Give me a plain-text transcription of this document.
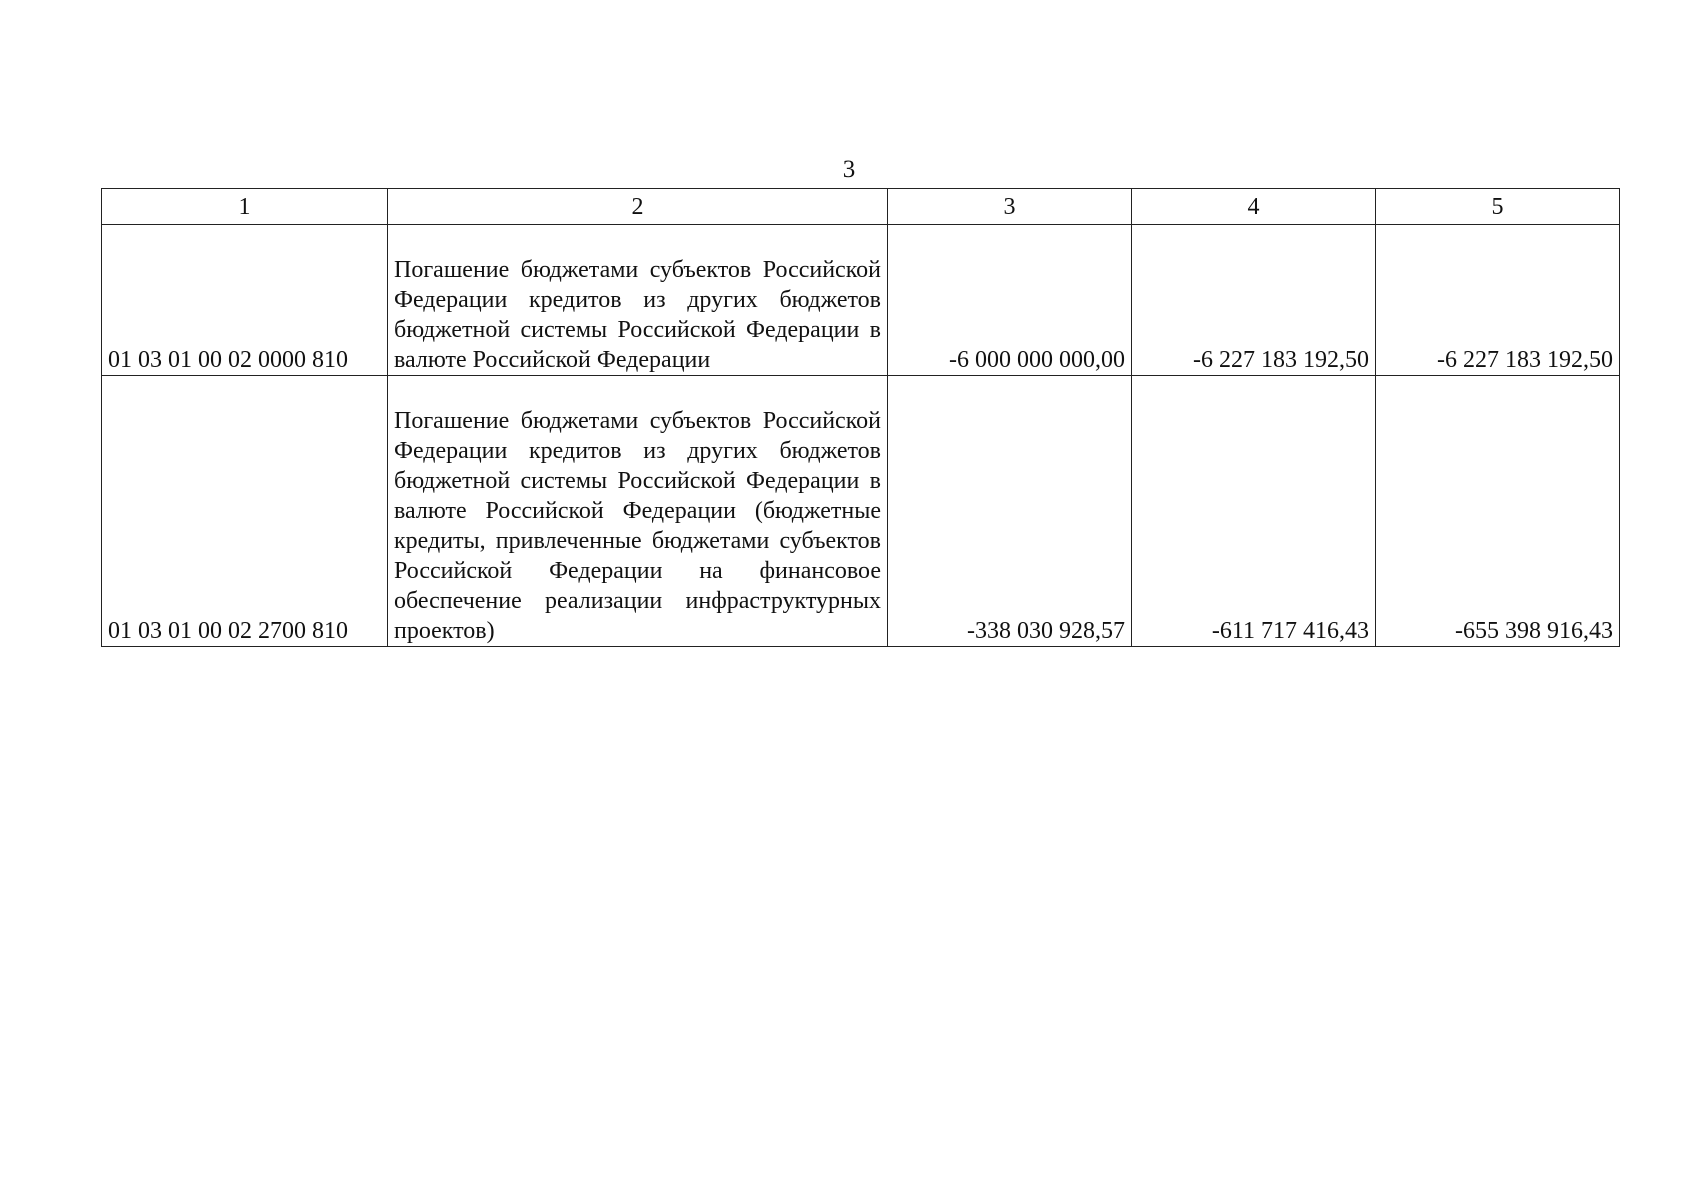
3
1	2	3	4	5
01 03 01 00 02 0000 810	Погашение бюджетами субъектов Российской Федерации кредитов из других бюджетов бюджетной системы Российской Федерации в валюте Российской Федерации	-6 000 000 000,00	-6 227 183 192,50	-6 227 183 192,50
01 03 01 00 02 2700 810	Погашение бюджетами субъектов Российской Федерации кредитов из других бюджетов бюджетной системы Российской Федерации в валюте Российской Федерации (бюджетные кредиты, привлеченные бюджетами субъектов Российской Федерации на финансовое обеспечение реализации инфраструктурных проектов)	-338 030 928,57	-611 717 416,43	-655 398 916,43
